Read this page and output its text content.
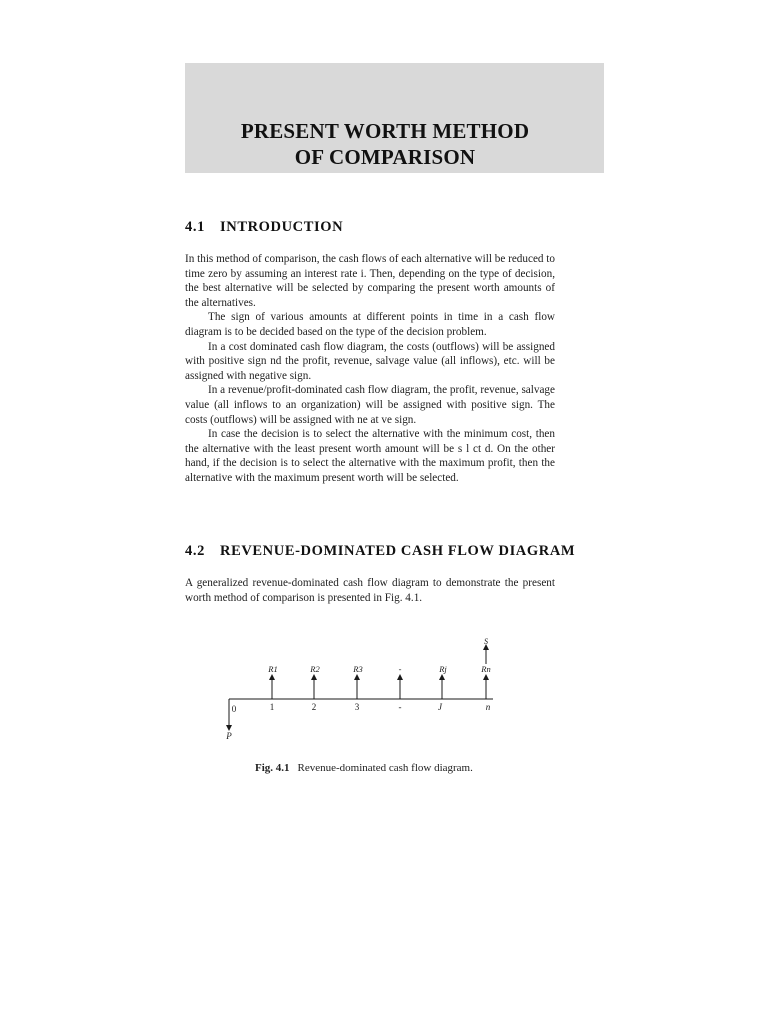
PRESENT WORTH METHOD
OF COMPARISON
4.1 INTRODUCTION

In this method of comparison, the cash flows of each alternative will be reduced to time zero by assuming an interest rate i. Then, depending on the type of decision, the best alternative will be selected by comparing the present worth amounts of the alternatives.

The sign of various amounts at different points in time in a cash flow diagram is to be decided based on the type of the decision problem.

In a cost dominated cash flow diagram, the costs (outflows) will be assigned with positive sign nd the profit, revenue, salvage value (all inflows), etc. will be assigned with negative sign.

In a revenue/profit-dominated cash flow diagram, the profit, revenue, salvage value (all inflows to an organization) will be assigned with positive sign. The costs (outflows) will be assigned with ne at ve sign.

In case the decision is to select the alternative with the minimum cost, then the alternative with the least present worth amount will be s l ct d. On the other hand, if the decision is to select the alternative with the maximum profit, then the alternative with the maximum present worth will be selected.

4.2 REVENUE-DOMINATED CASH FLOW DIAGRAM

A generalized revenue-dominated cash flow diagram to demonstrate the present worth method of comparison is presented in Fig. 4.1.

P
S
R1	R2	R3	-	Rj	Rn
0	1	2	3	-	J	n
Fig. 4.1 Revenue-dominated cash flow diagram.
